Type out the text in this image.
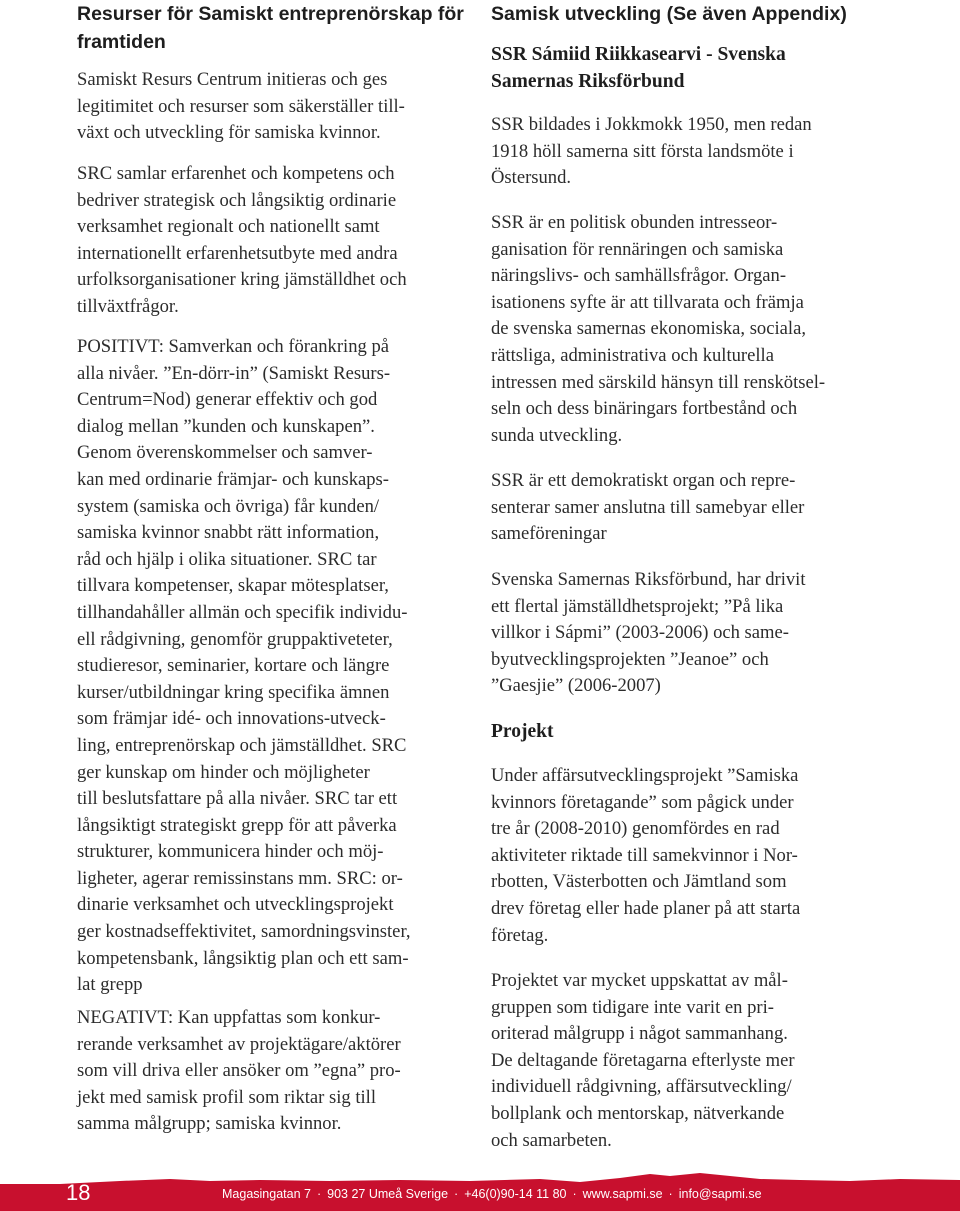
Resurser för Samiskt entreprenörskap för
framtiden
Samiskt Resurs Centrum initieras och ges
legitimitet och resurser som säkerställer till-
växt och utveckling för samiska kvinnor.
SRC samlar erfarenhet och kompetens och
bedriver strategisk och långsiktig ordinarie
verksamhet regionalt och nationellt samt
internationellt erfarenhetsutbyte med andra
urfolksorganisationer kring jämställdhet och
tillväxtfrågor.
POSITIVT: Samverkan och förankring på
alla nivåer. ”En-dörr-in” (Samiskt Resurs-
Centrum=Nod) generar effektiv och god
dialog mellan ”kunden och kunskapen”.
Genom överenskommelser och samver-
kan med ordinarie främjar- och kunskaps-
system (samiska och övriga) får kunden/
samiska kvinnor snabbt rätt information,
råd och hjälp i olika situationer. SRC tar
tillvara kompetenser, skapar mötesplatser,
tillhandahåller allmän och specifik individu-
ell rådgivning, genomför gruppaktiveteter,
studieresor, seminarier, kortare och längre
kurser/utbildningar kring specifika ämnen
som främjar idé- och innovations-utveck-
ling, entreprenörskap och jämställdhet. SRC
ger kunskap om hinder och möjligheter
till beslutsfattare på alla nivåer. SRC tar ett
långsiktigt strategiskt grepp för att påverka
strukturer, kommunicera hinder och möj-
ligheter, agerar remissinstans mm. SRC: or-
dinarie verksamhet och utvecklingsprojekt
ger kostnadseffektivitet, samordningsvinster,
kompetensbank, långsiktig plan och ett sam-
lat grepp
NEGATIVT: Kan uppfattas som konkur-
rerande verksamhet av projektägare/aktörer
som vill driva eller ansöker om ”egna” pro-
jekt med samisk profil som riktar sig till
samma målgrupp; samiska kvinnor.
Samisk utveckling (Se även Appendix)
SSR Sámiid Riikkasearvi - Svenska
Samernas Riksförbund
SSR bildades i Jokkmokk 1950, men redan
1918 höll samerna sitt första landsmöte i
Östersund.
SSR är en politisk obunden intresseor-
ganisation för rennäringen och samiska
näringslivs- och samhällsfrågor. Organ-
isationens syfte är att tillvarata och främja
de svenska samernas ekonomiska, sociala,
rättsliga, administrativa och kulturella
intressen med särskild hänsyn till renskötsel-
seln och dess binäringars fortbestånd och
sunda utveckling.
SSR är ett demokratiskt organ och repre-
senterar samer anslutna till samebyar eller
sameföreningar
Svenska Samernas Riksförbund, har drivit
ett flertal jämställdhetsprojekt; ”På lika
villkor i Sápmi” (2003-2006) och same-
byutvecklingsprojekten ”Jeanoe” och
”Gaesjie” (2006-2007)
Projekt
Under affärsutvecklingsprojekt ”Samiska
kvinnors företagande” som pågick under
tre år (2008-2010) genomfördes en rad
aktiviteter riktade till samekvinnor i Nor-
rbotten, Västerbotten och Jämtland som
drev företag eller hade planer på att starta
företag.
Projektet var mycket uppskattat av mål-
gruppen som tidigare inte varit en pri-
oriterad målgrupp i något sammanhang.
De deltagande företagarna efterlyste mer
individuell rådgivning, affärsutveckling/
bollplank och mentorskap, nätverkande
och samarbeten.
18	Magasingatan 7 · 903 27 Umeå Sverige · +46(0)90-14 11 80 · www.sapmi.se · info@sapmi.se
